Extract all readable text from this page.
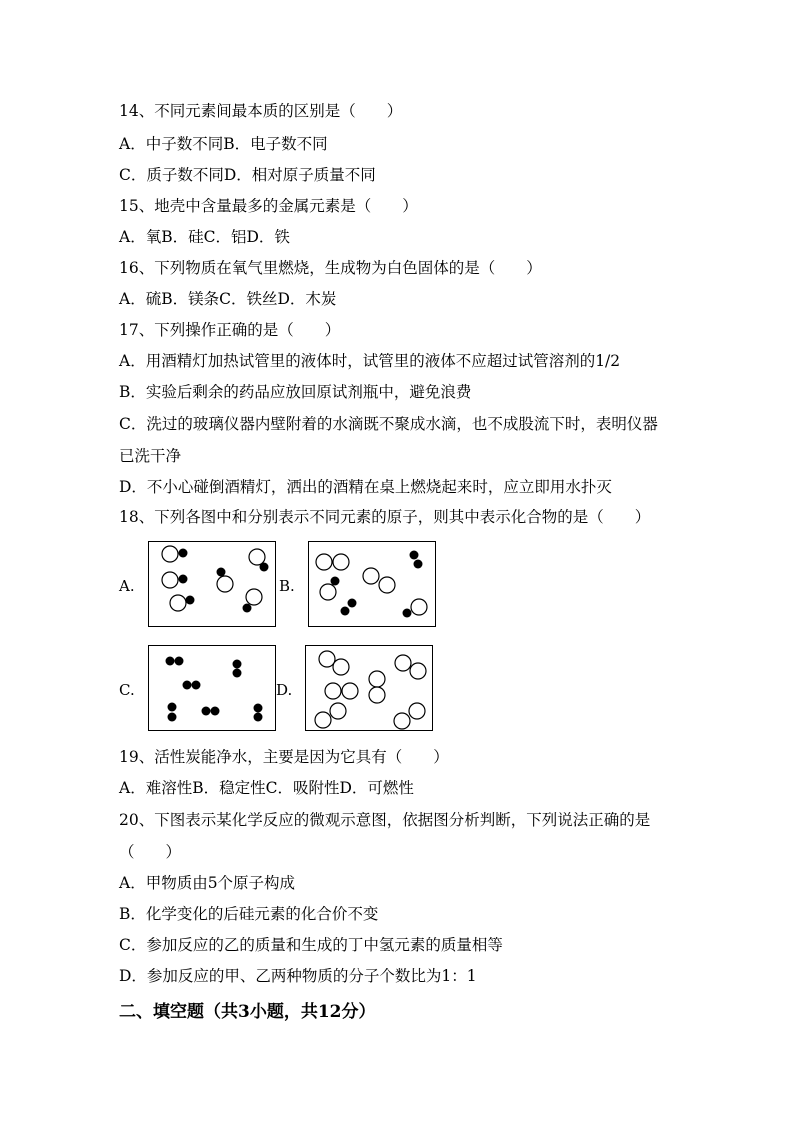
14、不同元素间最本质的区别是（　　）
A．中子数不同B．电子数不同
C．质子数不同D．相对原子质量不同
15、地壳中含量最多的金属元素是（　　）
A．氧B．硅C．铝D．铁
16、下列物质在氧气里燃烧，生成物为白色固体的是（　　）
A．硫B．镁条C．铁丝D．木炭
17、下列操作正确的是（　　）
A．用酒精灯加热试管里的液体时，试管里的液体不应超过试管溶剂的1/2
B．实验后剩余的药品应放回原试剂瓶中，避免浪费
C．洗过的玻璃仪器内壁附着的水滴既不聚成水滴，也不成股流下时，表明仪器
已洗干净
D．不小心碰倒酒精灯，洒出的酒精在桌上燃烧起来时，应立即用水扑灭
18、下列各图中和分别表示不同元素的原子，则其中表示化合物的是（　　）
A.	B.
C.	D.
19、活性炭能净水，主要是因为它具有（　　）
A．难溶性B．稳定性C．吸附性D．可燃性
20、下图表示某化学反应的微观示意图，依据图分析判断，下列说法正确的是
（　　）
A．甲物质由5个原子构成
B．化学变化的后硅元素的化合价不变
C．参加反应的乙的质量和生成的丁中氢元素的质量相等
D．参加反应的甲、乙两种物质的分子个数比为1：1
二、填空题（共3小题，共12分）
